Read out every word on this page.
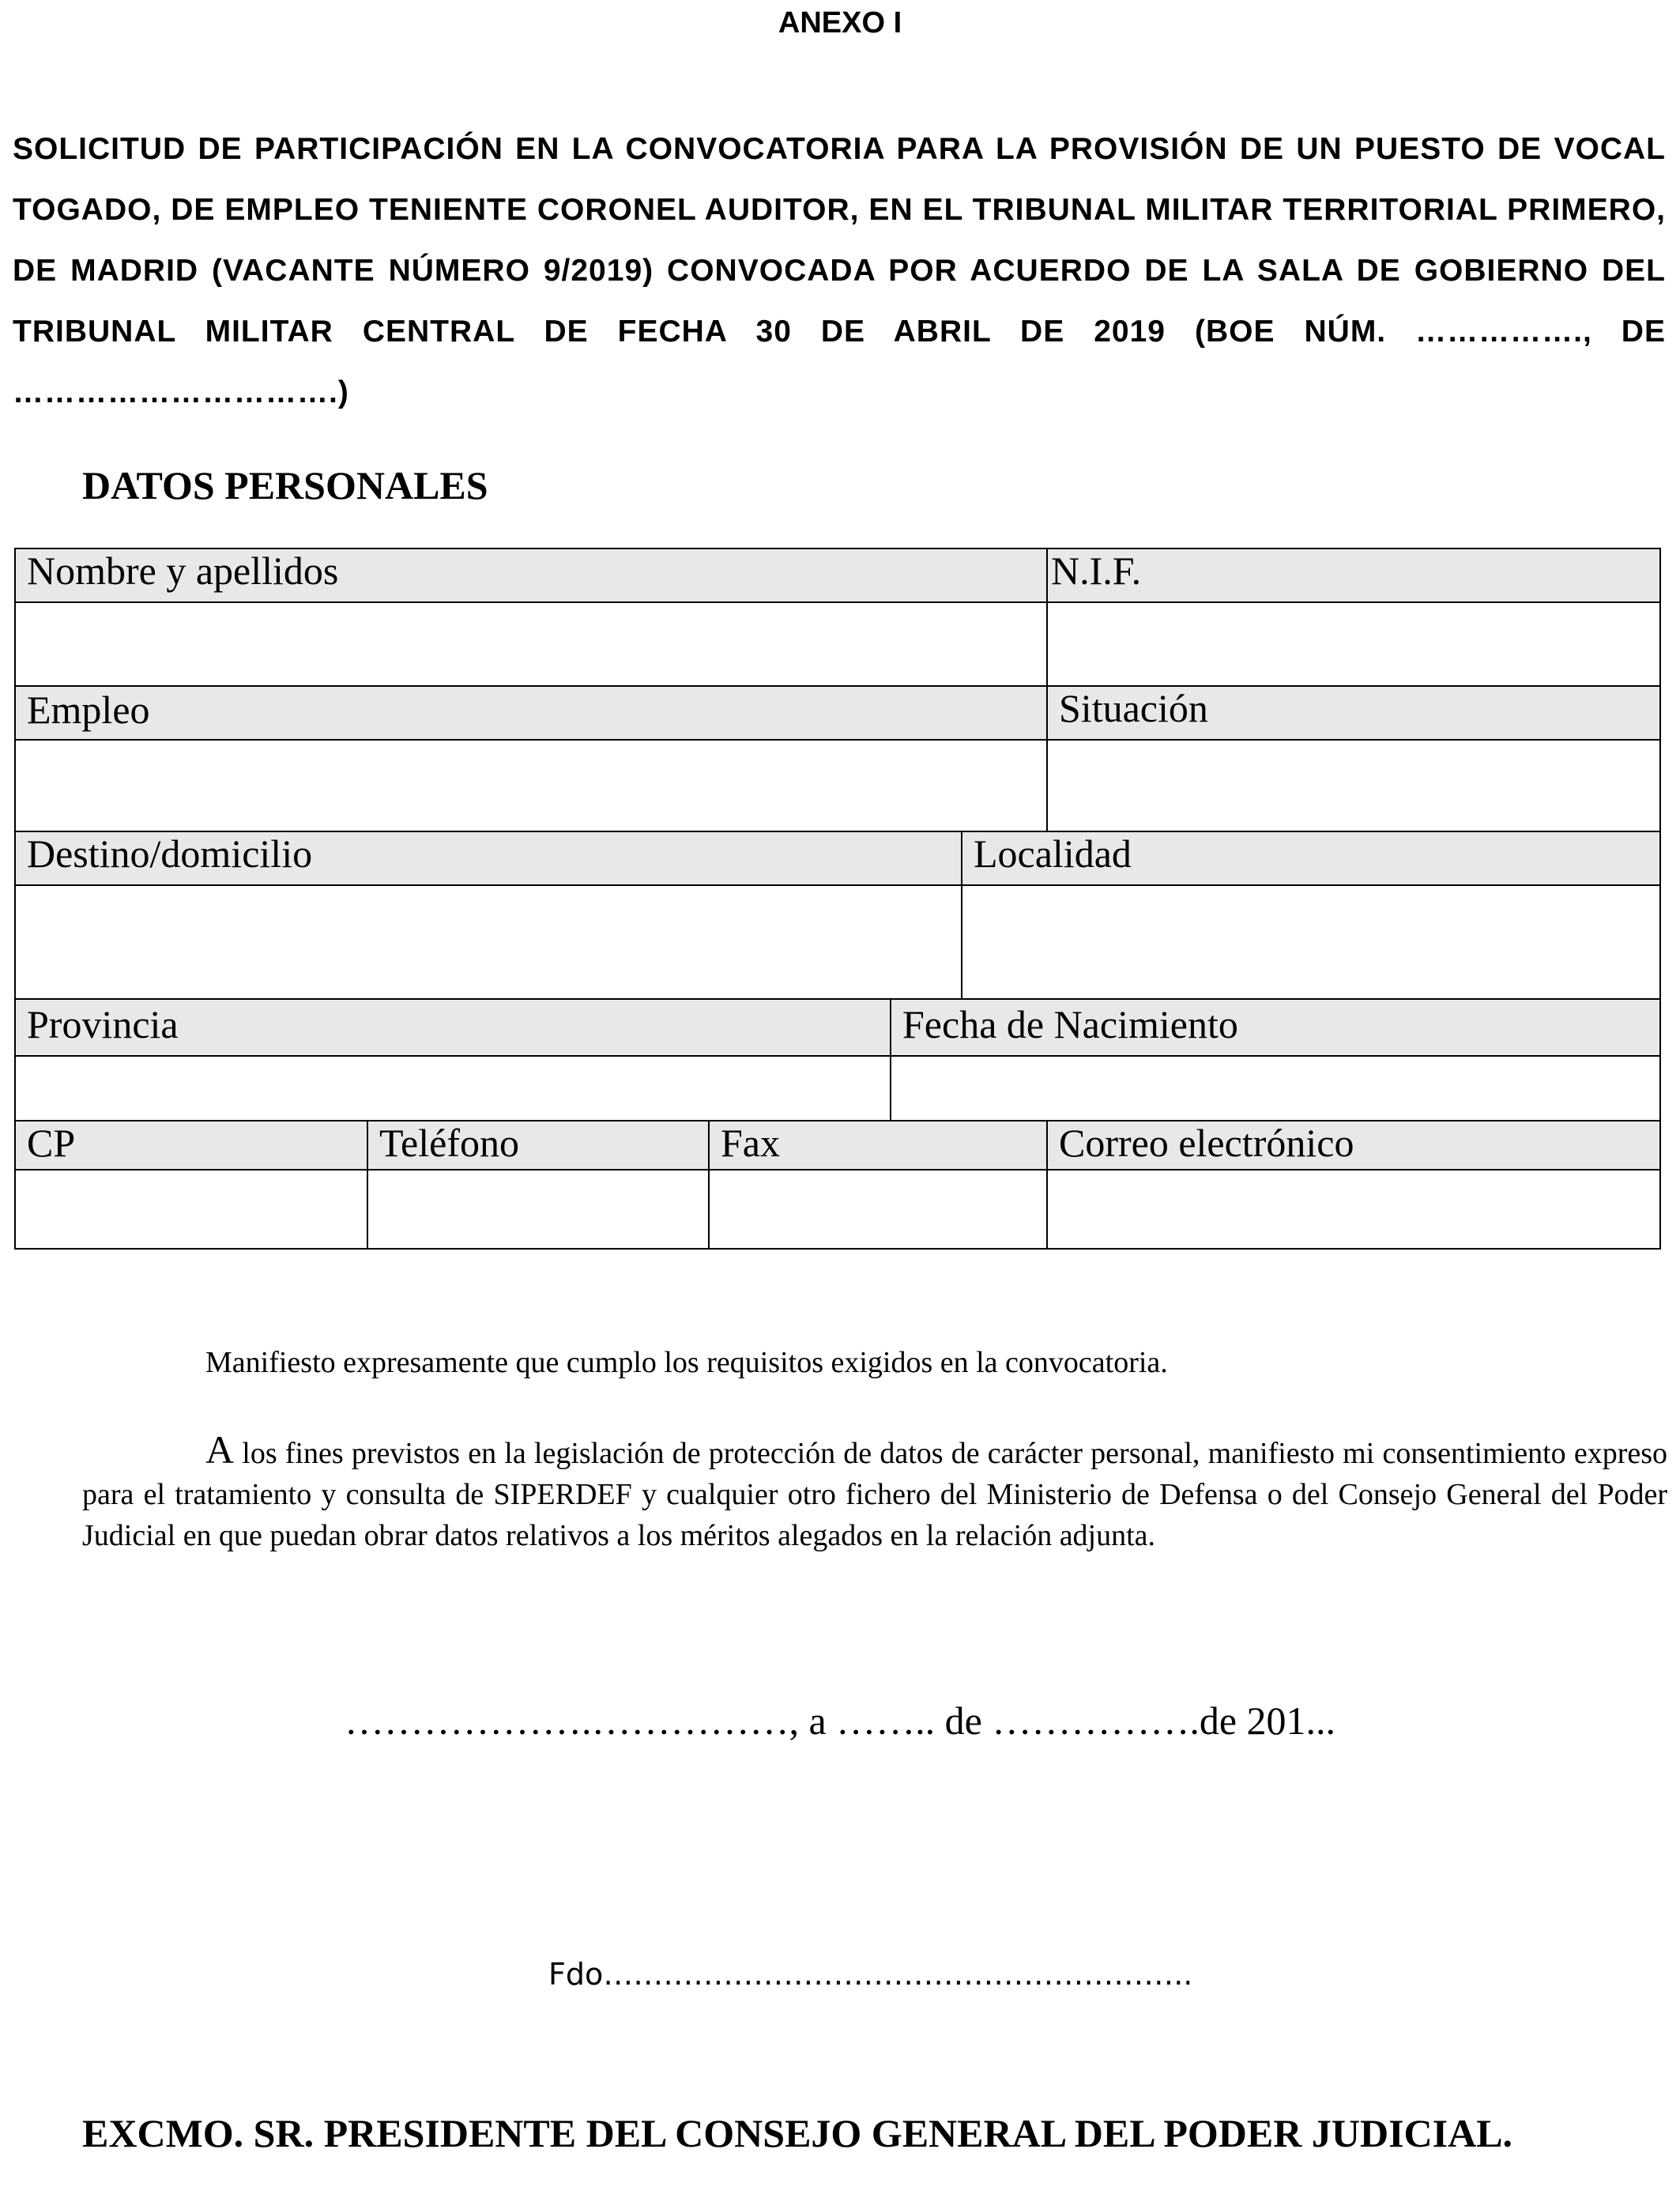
ANEXO I
SOLICITUD DE PARTICIPACIÓN EN LA CONVOCATORIA PARA LA PROVISIÓN DE UN PUESTO DE VOCAL TOGADO, DE EMPLEO TENIENTE CORONEL AUDITOR, EN EL TRIBUNAL MILITAR TERRITORIAL PRIMERO, DE MADRID (VACANTE NÚMERO 9/2019) CONVOCADA POR ACUERDO DE LA SALA DE GOBIERNO DEL TRIBUNAL MILITAR CENTRAL DE FECHA 30 DE ABRIL DE 2019 (BOE NÚM. ……………., DE ………………………….)
DATOS PERSONALES
Nombre y apellidos	N.I.F.
Empleo	Situación
Destino/domicilio	Localidad
Provincia	Fecha de Nacimiento
CP	Teléfono	Fax	Correo electrónico
Manifiesto expresamente que cumplo los requisitos exigidos en la convocatoria.
A los fines previstos en la legislación de protección de datos de carácter personal, manifiesto mi consentimiento expreso para el tratamiento y consulta de SIPERDEF y cualquier otro fichero del Ministerio de Defensa o del Consejo General del Poder Judicial en que puedan obrar datos relativos a los méritos alegados en la relación adjunta.
……………….……………, a …….. de …………….de 201...
Fdo…………………………………………………..
EXCMO. SR. PRESIDENTE DEL CONSEJO GENERAL DEL PODER JUDICIAL.
